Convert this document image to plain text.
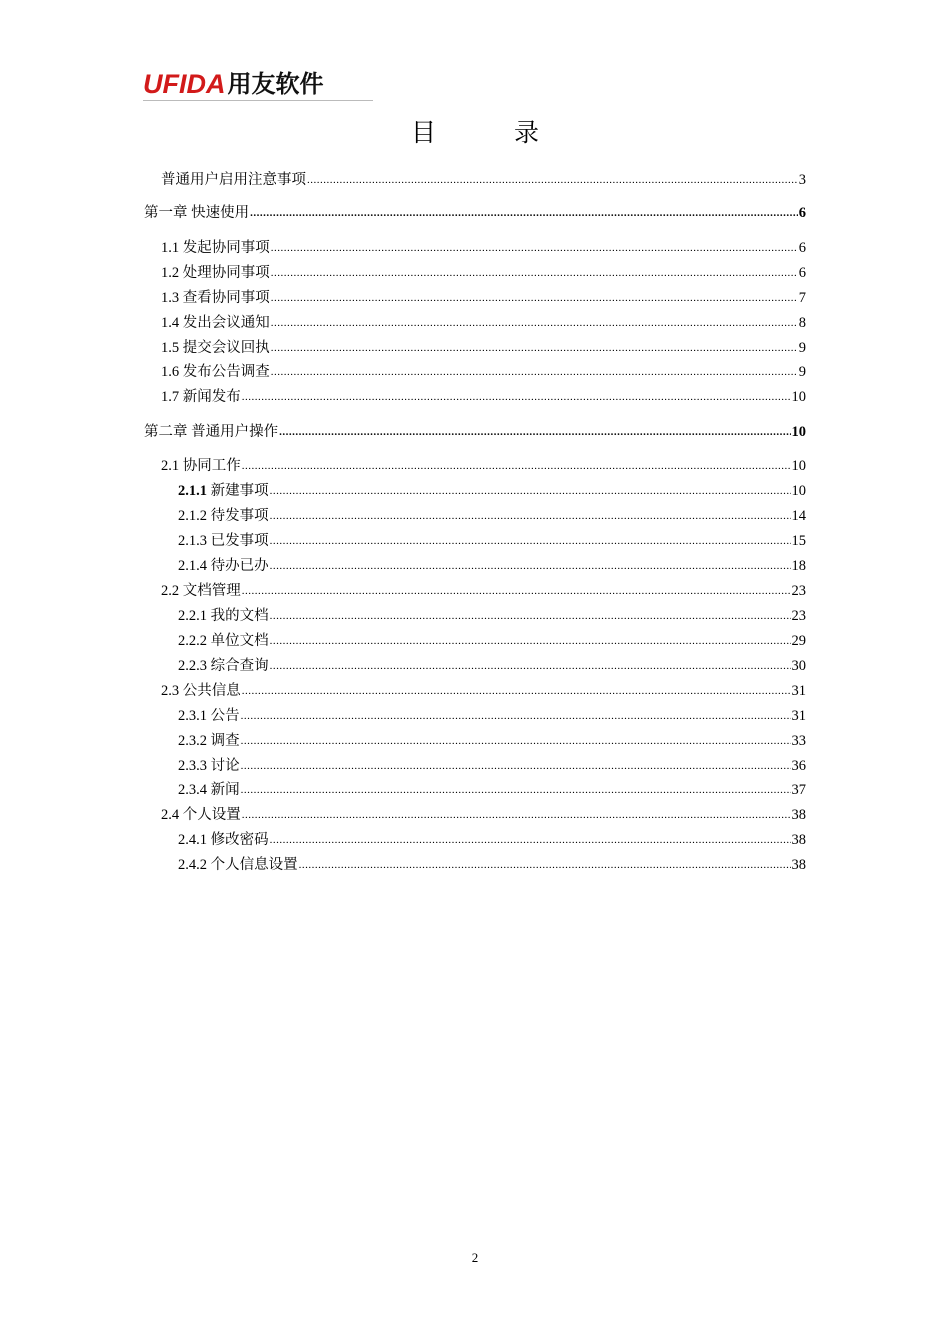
UFIDA 用友软件
目录
普通用户启用注意事项 .....	3
第一章 快速使用 .....	6
1.1 发起协同事项 .....	6
1.2 处理协同事项 .....	6
1.3 查看协同事项 .....	7
1.4 发出会议通知 .....	8
1.5 提交会议回执 .....	9
1.6 发布公告调查 .....	9
1.7 新闻发布 .....	10
第二章 普通用户操作 .....	10
2.1 协同工作 .....	10
2.1.1 新建事项 .....	10
2.1.2 待发事项 .....	14
2.1.3 已发事项 .....	15
2.1.4 待办已办 .....	18
2.2 文档管理 .....	23
2.2.1 我的文档 .....	23
2.2.2 单位文档 .....	29
2.2.3 综合查询 .....	30
2.3 公共信息 .....	31
2.3.1 公告 .....	31
2.3.2 调查 .....	33
2.3.3 讨论 .....	36
2.3.4 新闻 .....	37
2.4 个人设置 .....	38
2.4.1 修改密码 .....	38
2.4.2 个人信息设置 .....	38
2
